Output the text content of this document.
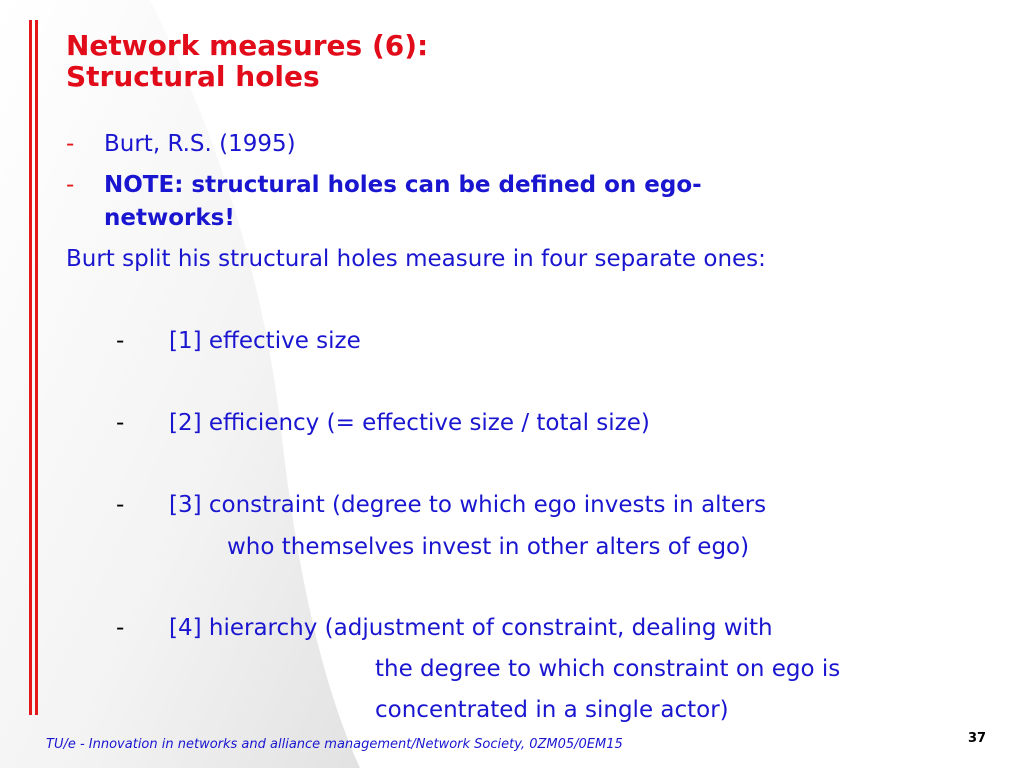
Network measures (6):
Structural holes
- Burt, R.S. (1995)
- NOTE: structural holes can be defined on ego-
networks!
Burt split his structural holes measure in four separate ones:
- [1] effective size
- [2] efficiency (= effective size / total size)
- [3] constraint (degree to which ego invests in alters
who themselves invest in other alters of ego)
- [4] hierarchy (adjustment of constraint, dealing with
the degree to which constraint on ego is
concentrated in a single actor)
TU/e - Innovation in networks and alliance management/Network Society, 0ZM05/0EM15	37
